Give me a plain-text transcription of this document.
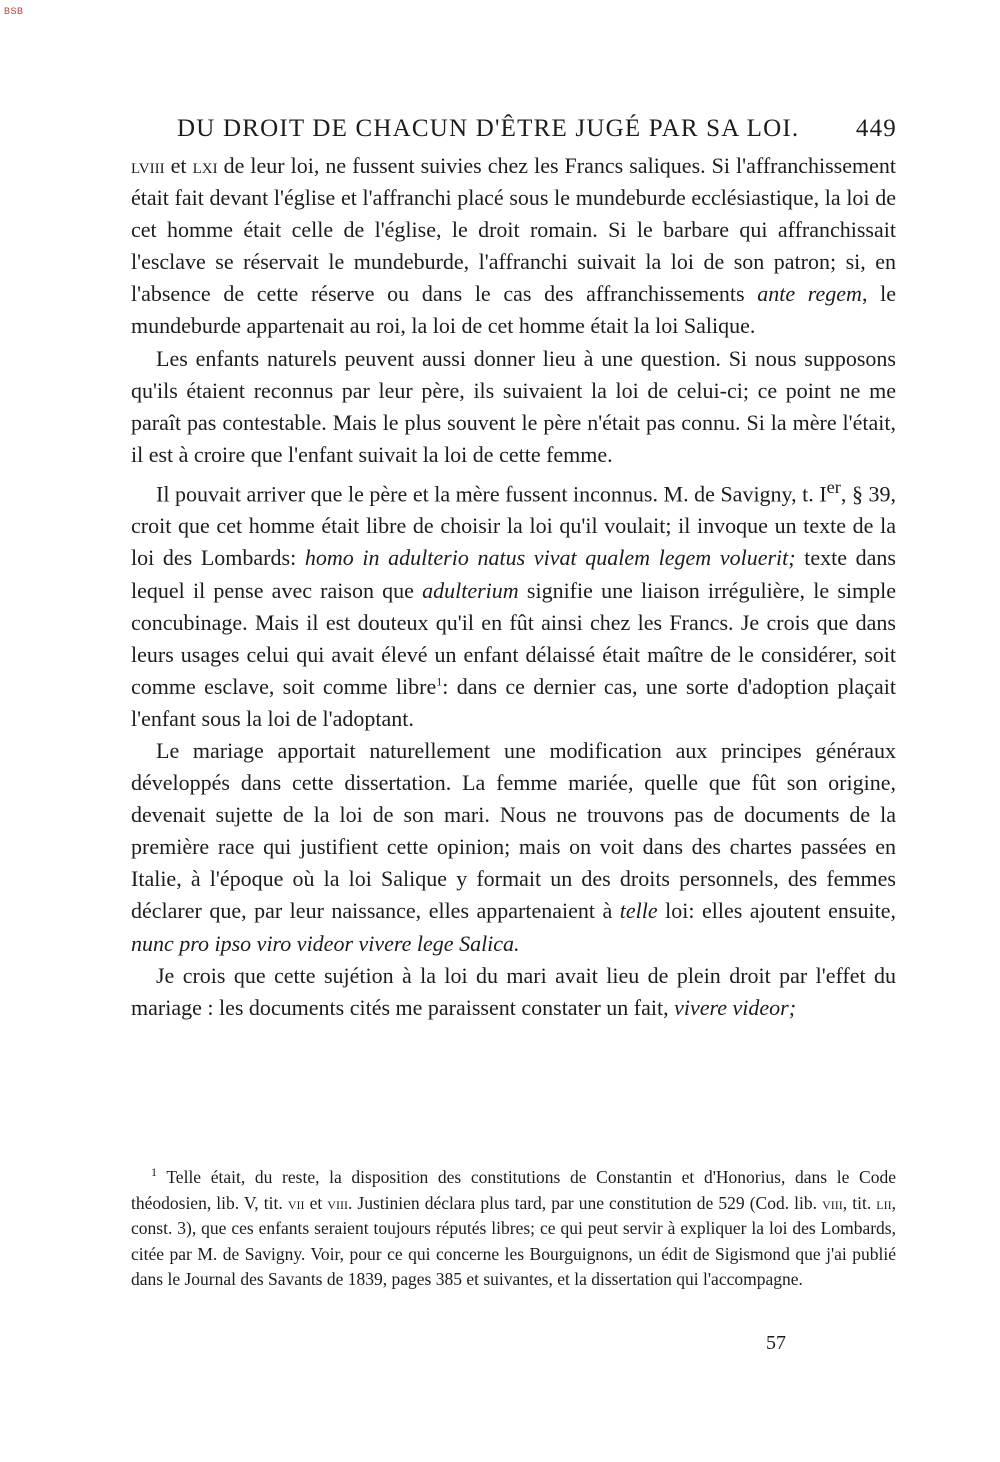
BSB
DU DROIT DE CHACUN D'ÊTRE JUGÉ PAR SA LOI. 449

lviii et lxi de leur loi, ne fussent suivies chez les Francs saliques. Si l'affranchissement était fait devant l'église et l'affranchi placé sous le mundeburde ecclésiastique, la loi de cet homme était celle de l'église, le droit romain. Si le barbare qui affranchissait l'esclave se réservait le mundeburde, l'affranchi suivait la loi de son patron; si, en l'absence de cette réserve ou dans le cas des affranchissements ante regem, le mundeburde appartenait au roi, la loi de cet homme était la loi Salique.

Les enfants naturels peuvent aussi donner lieu à une question. Si nous supposons qu'ils étaient reconnus par leur père, ils suivaient la loi de celui-ci; ce point ne me paraît pas contestable. Mais le plus souvent le père n'était pas connu. Si la mère l'était, il est à croire que l'enfant suivait la loi de cette femme.

Il pouvait arriver que le père et la mère fussent inconnus. M. de Savigny, t. Ier, § 39, croit que cet homme était libre de choisir la loi qu'il voulait; il invoque un texte de la loi des Lombards: homo in adulterio natus vivat qualem legem voluerit; texte dans lequel il pense avec raison que adulterium signifie une liaison irrégulière, le simple concubinage. Mais il est douteux qu'il en fût ainsi chez les Francs. Je crois que dans leurs usages celui qui avait élevé un enfant délaissé était maître de le considérer, soit comme esclave, soit comme libre$^1$: dans ce dernier cas, une sorte d'adoption plaçait l'enfant sous la loi de l'adoptant.

Le mariage apportait naturellement une modification aux principes généraux développés dans cette dissertation. La femme mariée, quelle que fût son origine, devenait sujette de la loi de son mari. Nous ne trouvons pas de documents de la première race qui justifient cette opinion; mais on voit dans des chartes passées en Italie, à l'époque où la loi Salique y formait un des droits personnels, des femmes déclarer que, par leur naissance, elles appartenaient à telle loi: elles ajoutent ensuite, nunc pro ipso viro videor vivere lege Salica.

Je crois que cette sujétion à la loi du mari avait lieu de plein droit par l'effet du mariage : les documents cités me paraissent constater un fait, vivere videor;

$^1$ Telle était, du reste, la disposition des constitutions de Constantin et d'Honorius, dans le Code théodosien, lib. V, tit. vii et viii. Justinien déclara plus tard, par une constitution de 529 (Cod. lib. viii, tit. lii, const. 3), que ces enfants seraient toujours réputés libres; ce qui peut servir à expliquer la loi des Lombards, citée par M. de Savigny. Voir, pour ce qui concerne les Bourguignons, un édit de Sigismond que j'ai publié dans le Journal des Savants de 1839, pages 385 et suivantes, et la dissertation qui l'accompagne.

57
